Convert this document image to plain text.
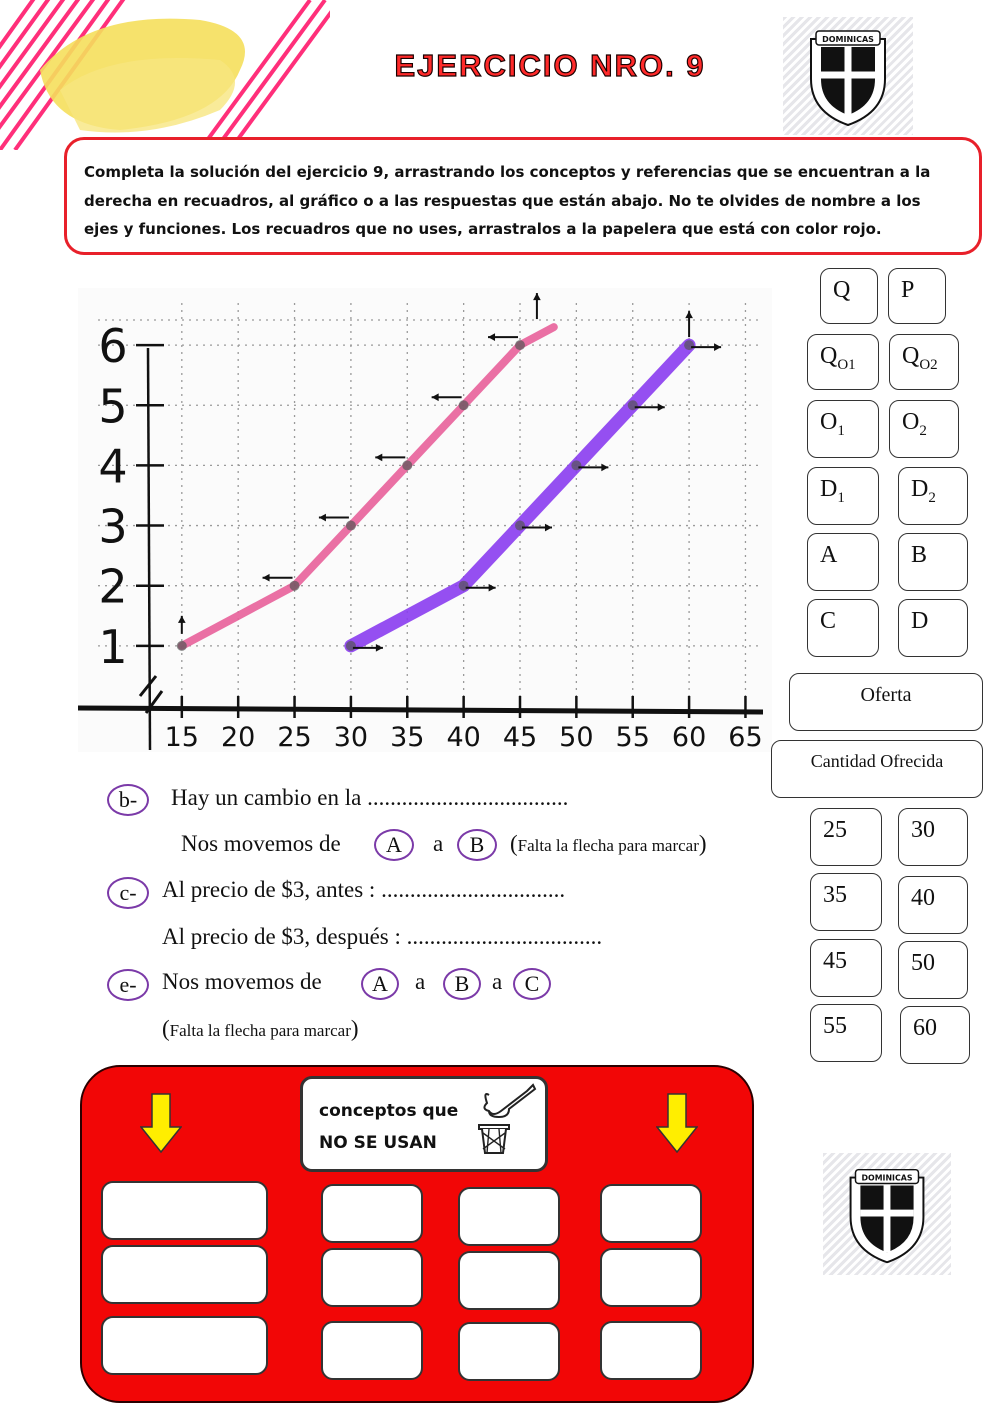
EJERCICIO NRO. 9
DOMINICAS
DOMINICAS
Completa la solución del ejercicio 9, arrastrando los conceptos y referencias que se encuentran a la
derecha en recuadros, al gráfico o a las respuestas que están abajo. No te olvides de nombre a los
ejes y funciones. Los recuadros que no uses, arrastralos a la papelera que está con color rojo.
15 20 25 30 35 40 45 50 55 60 65
1
2
3
4
5
6
Q	P
$Q_{O1}$	$Q_{O2}$
$O_1$	$O_2$
$D_1$	$D_2$
A	B
C	D
Oferta
Cantidad Ofrecida
25	30
35	40
45	50
55	60
b-	Hay un cambio en la ...................................
Nos movemos de	A	a	B	(Falta la flecha para marcar)
c-	Al precio de $3, antes : ................................
Al precio de $3, después : ..................................
e-	Nos movemos de	A	a	B a	C
(Falta la flecha para marcar)
conceptos que
NO SE USAN
